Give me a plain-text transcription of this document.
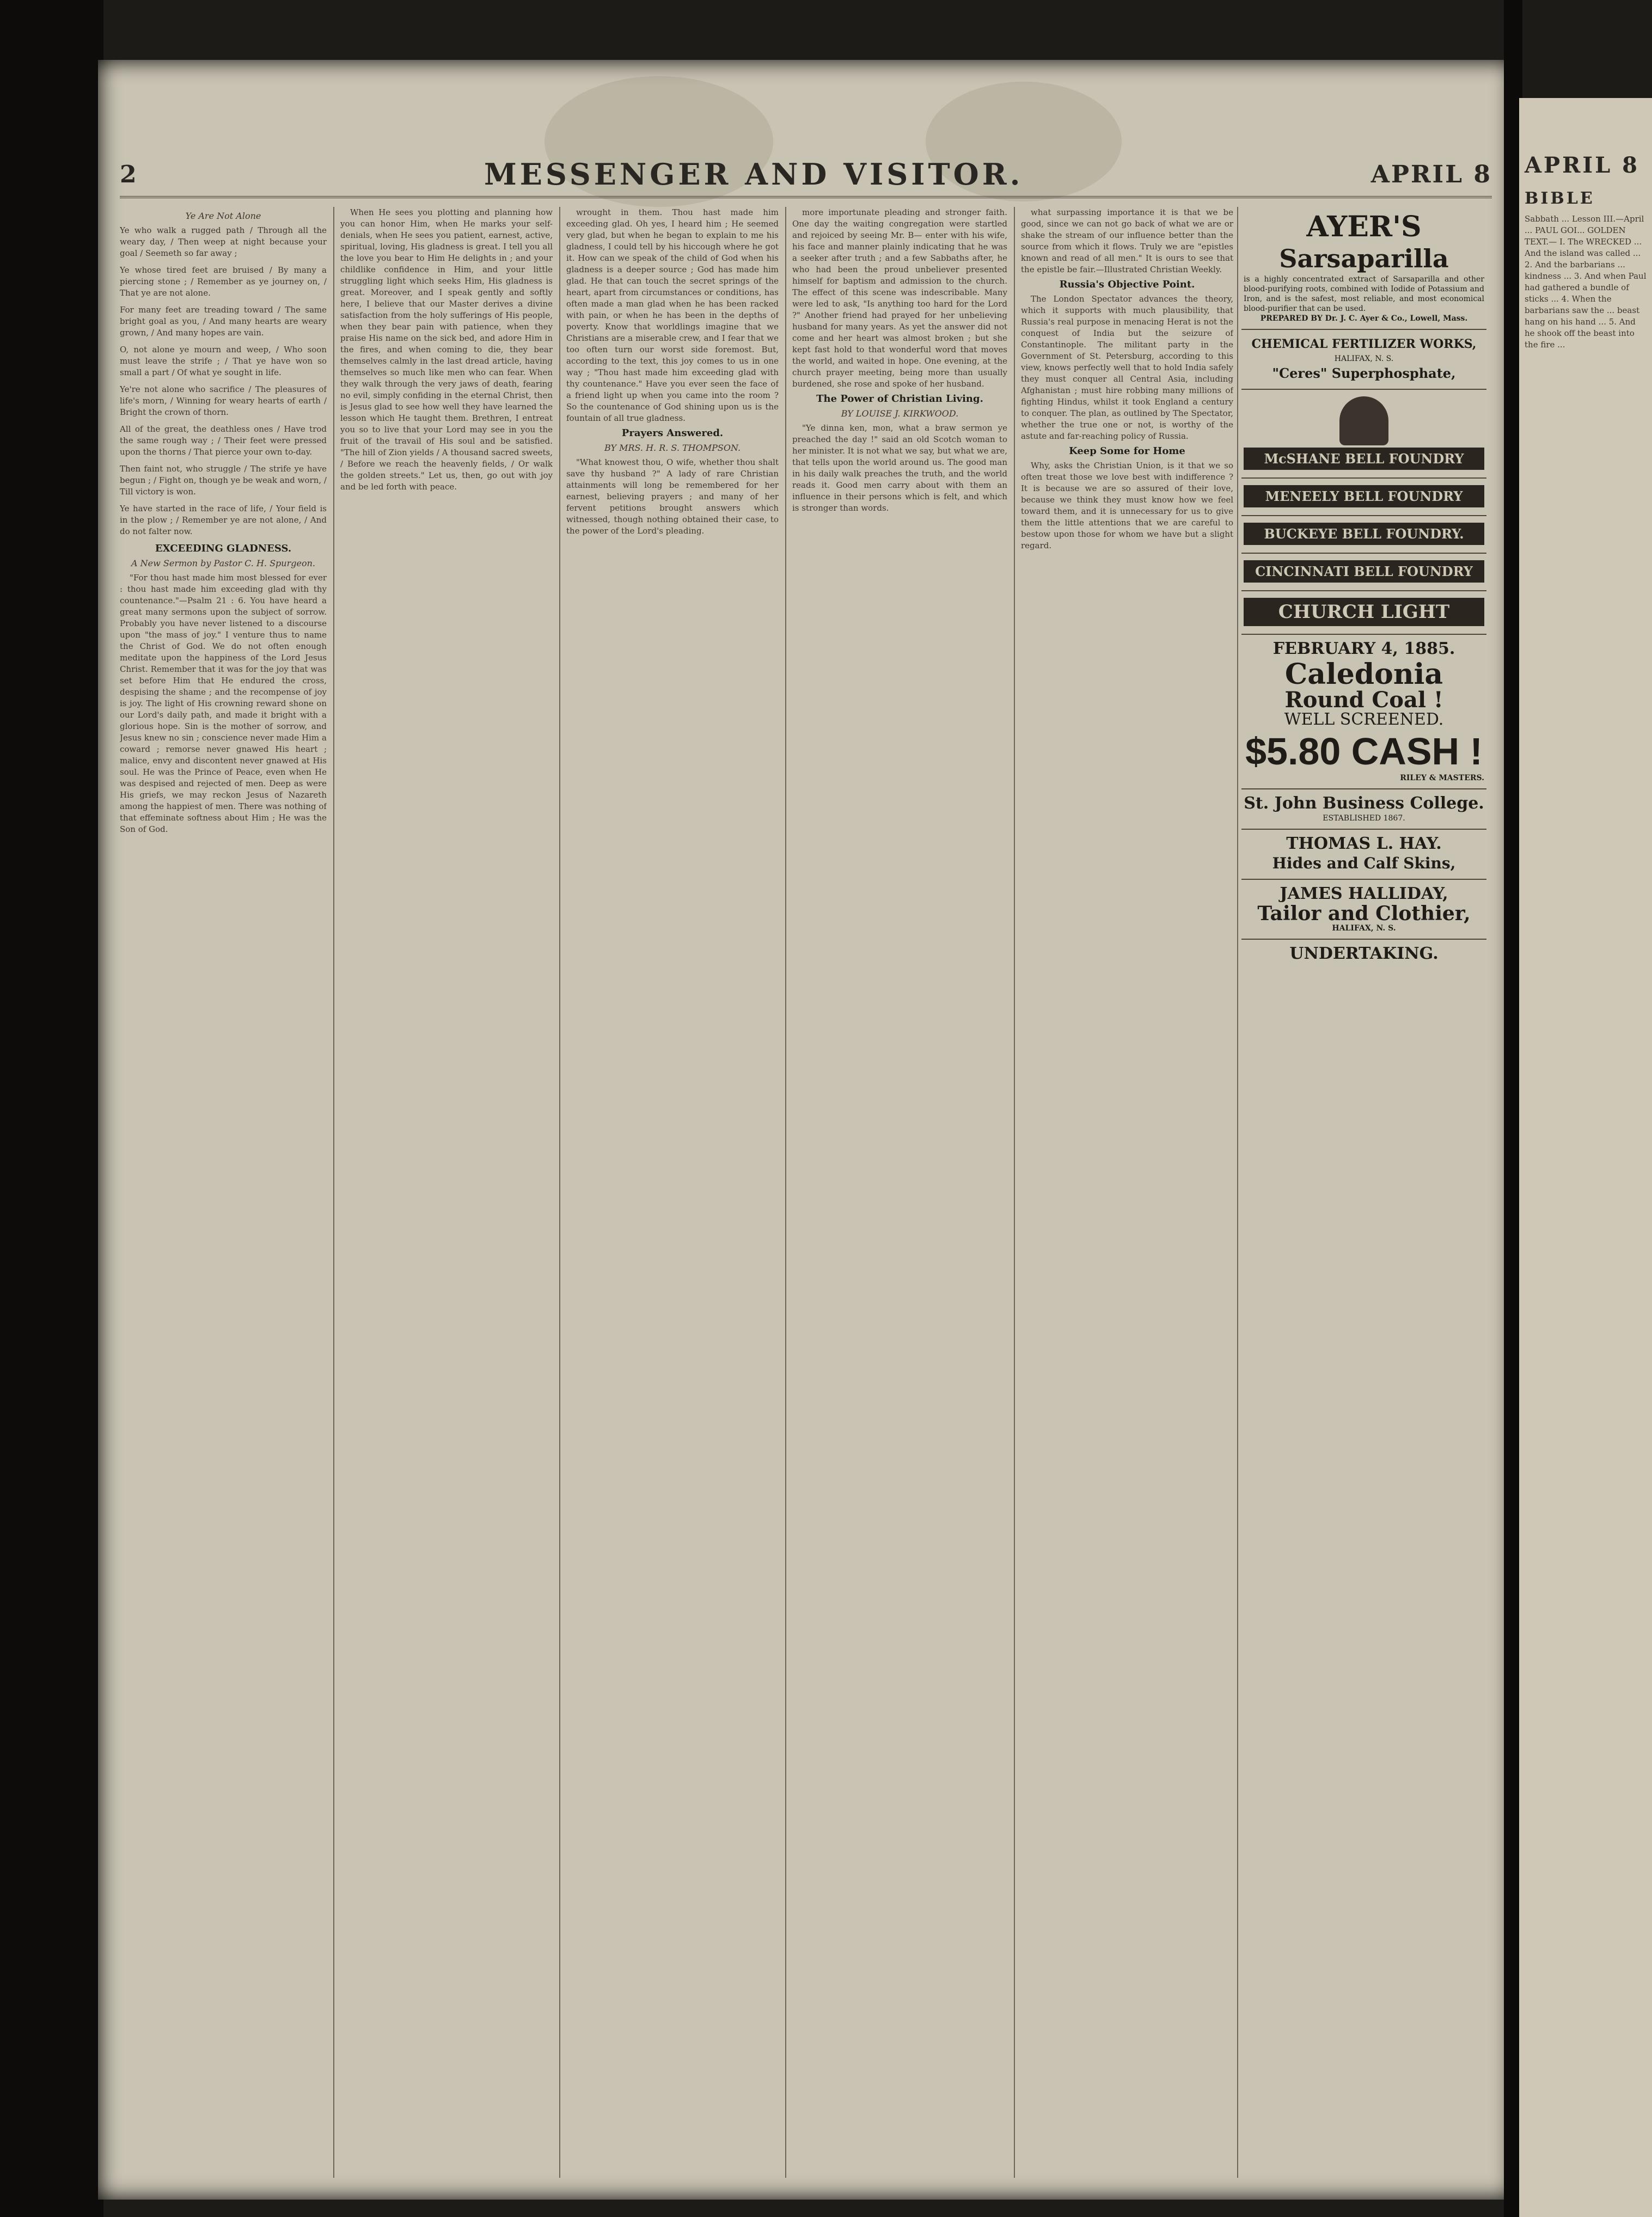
2	MESSENGER AND VISITOR.	APRIL 8
Ye Are Not Alone
Ye who walk a rugged path / Through all the weary day, / Then weep at night because your goal / Seemeth so far away ;
Ye whose tired feet are bruised / By many a piercing stone ; / Remember as ye journey on, / That ye are not alone.
For many feet are treading toward / The same bright goal as you, / And many hearts are weary grown, / And many hopes are vain.
O, not alone ye mourn and weep, / Who soon must leave the strife ; / That ye have won so small a part / Of what ye sought in life.
Ye're not alone who sacrifice / The pleasures of life's morn, / Winning for weary hearts of earth / Bright the crown of thorn.
All of the great, the deathless ones / Have trod the same rough way ; / Their feet were pressed upon the thorns / That pierce your own to-day.
Then faint not, who struggle / The strife ye have begun ; / Fight on, though ye be weak and worn, / Till victory is won.
Ye have started in the race of life, / Your field is in the plow ; / Remember ye are not alone, / And do not falter now.
EXCEEDING GLADNESS.
A New Sermon by Pastor C. H. Spurgeon.

"For thou hast made him most blessed for ever : thou hast made him exceeding glad with thy countenance."—Psalm 21 : 6. You have heard a great many sermons upon the subject of sorrow. Probably you have never listened to a discourse upon "the mass of joy." I venture thus to name the Christ of God. We do not often enough meditate upon the happiness of the Lord Jesus Christ. Remember that it was for the joy that was set before Him that He endured the cross, despising the shame ; and the recompense of joy is joy. The light of His crowning reward shone on our Lord's daily path, and made it bright with a glorious hope. Sin is the mother of sorrow, and Jesus knew no sin ; conscience never made Him a coward ; remorse never gnawed His heart ; malice, envy and discontent never gnawed at His soul. He was the Prince of Peace, even when He was despised and rejected of men. Deep as were His griefs, we may reckon Jesus of Nazareth among the happiest of men. There was nothing of that effeminate softness about Him ; He was the Son of God.

When He sees you plotting and planning how you can honor Him, when He marks your self-denials, when He sees you patient, earnest, active, spiritual, loving, His gladness is great. I tell you all the love you bear to Him He delights in ; and your childlike confidence in Him, and your little struggling light which seeks Him, His gladness is great. Moreover, and I speak gently and softly here, I believe that our Master derives a divine satisfaction from the holy sufferings of His people, when they bear pain with patience, when they praise His name on the sick bed, and adore Him in the fires, and when coming to die, they bear themselves calmly in the last dread article, having themselves so much like men who can fear. When they walk through the very jaws of death, fearing no evil, simply confiding in the eternal Christ, then is Jesus glad to see how well they have learned the lesson which He taught them. Brethren, I entreat you so to live that your Lord may see in you the fruit of the travail of His soul and be satisfied. "The hill of Zion yields / A thousand sacred sweets, / Before we reach the heavenly fields, / Or walk the golden streets." Let us, then, go out with joy and be led forth with peace.

wrought in them. Thou hast made him exceeding glad. Oh yes, I heard him ; He seemed very glad, but when he began to explain to me his gladness, I could tell by his hiccough where he got it. How can we speak of the child of God when his gladness is a deeper source ; God has made him glad. He that can touch the secret springs of the heart, apart from circumstances or conditions, has often made a man glad when he has been racked with pain, or when he has been in the depths of poverty. Know that worldlings imagine that we Christians are a miserable crew, and I fear that we too often turn our worst side foremost. But, according to the text, this joy comes to us in one way ; "Thou hast made him exceeding glad with thy countenance." Have you ever seen the face of a friend light up when you came into the room ? So the countenance of God shining upon us is the fountain of all true gladness.

Prayers Answered.
BY MRS. H. R. S. THOMPSON.

"What knowest thou, O wife, whether thou shalt save thy husband ?" A lady of rare Christian attainments will long be remembered for her earnest, believing prayers ; and many of her fervent petitions brought answers which witnessed, though nothing obtained their case, to the power of the Lord's pleading.

more importunate pleading and stronger faith. One day the waiting congregation were startled and rejoiced by seeing Mr. B— enter with his wife, his face and manner plainly indicating that he was a seeker after truth ; and a few Sabbaths after, he who had been the proud unbeliever presented himself for baptism and admission to the church. The effect of this scene was indescribable. Many were led to ask, "Is anything too hard for the Lord ?" Another friend had prayed for her unbelieving husband for many years. As yet the answer did not come and her heart was almost broken ; but she kept fast hold to that wonderful word that moves the world, and waited in hope. One evening, at the church prayer meeting, being more than usually burdened, she rose and spoke of her husband.

The Power of Christian Living.
BY LOUISE J. KIRKWOOD.

"Ye dinna ken, mon, what a braw sermon ye preached the day !" said an old Scotch woman to her minister. It is not what we say, but what we are, that tells upon the world around us. The good man in his daily walk preaches the truth, and the world reads it. Good men carry about with them an influence in their persons which is felt, and which is stronger than words.

what surpassing importance it is that we be good, since we can not go back of what we are or shake the stream of our influence better than the source from which it flows. Truly we are "epistles known and read of all men." It is ours to see that the epistle be fair.—Illustrated Christian Weekly.

Russia's Objective Point.

The London Spectator advances the theory, which it supports with much plausibility, that Russia's real purpose in menacing Herat is not the conquest of India but the seizure of Constantinople. The militant party in the Government of St. Petersburg, according to this view, knows perfectly well that to hold India safely they must conquer all Central Asia, including Afghanistan ; must hire robbing many millions of fighting Hindus, whilst it took England a century to conquer. The plan, as outlined by The Spectator, whether the true one or not, is worthy of the astute and far-reaching policy of Russia.

Keep Some for Home

Why, asks the Christian Union, is it that we so often treat those we love best with indifference ? It is because we are so assured of their love, because we think they must know how we feel toward them, and it is unnecessary for us to give them the little attentions that we are careful to bestow upon those for whom we have but a slight regard.

AYER'S
Sarsaparilla
is a highly concentrated extract of Sarsaparilla and other blood-purifying roots, combined with Iodide of Potassium and Iron, and is the safest, most reliable, and most economical blood-purifier that can be used.
PREPARED BY Dr. J. C. Ayer & Co., Lowell, Mass.
CHEMICAL FERTILIZER WORKS,
HALIFAX, N. S.
"Ceres" Superphosphate,
McSHANE BELL FOUNDRY
MENEELY BELL FOUNDRY
BUCKEYE BELL FOUNDRY.
CINCINNATI BELL FOUNDRY
CHURCH LIGHT
FEBRUARY 4, 1885.
Caledonia
Round Coal !
WELL SCREENED.
$5.80 CASH !
RILEY & MASTERS.
St. John Business College.
ESTABLISHED 1867.
THOMAS L. HAY.
Hides and Calf Skins,
JAMES HALLIDAY,
Tailor and Clothier,
HALIFAX, N. S.
UNDERTAKING.
APRIL 8
BIBLE
Sabbath ... Lesson III.—April ... PAUL GOI... GOLDEN TEXT.— I. The WRECKED ... And the island was called ... 2. And the barbarians ... kindness ... 3. And when Paul had gathered a bundle of sticks ... 4. When the barbarians saw the ... beast hang on his hand ... 5. And he shook off the beast into the fire ...
